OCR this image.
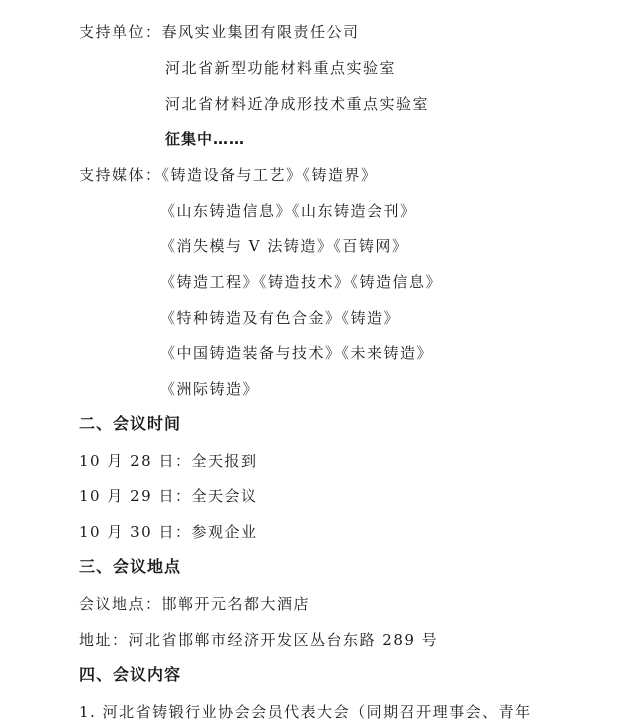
支持单位：春风实业集团有限责任公司
河北省新型功能材料重点实验室
河北省材料近净成形技术重点实验室
征集中……
支持媒体：《铸造设备与工艺》《铸造界》
《山东铸造信息》《山东铸造会刊》
《消失模与 V 法铸造》《百铸网》
《铸造工程》《铸造技术》《铸造信息》
《特种铸造及有色合金》《铸造》
《中国铸造装备与技术》《未来铸造》
《洲际铸造》
二、会议时间
10 月 28 日：全天报到
10 月 29 日：全天会议
10 月 30 日：参观企业
三、会议地点
会议地点：邯郸开元名都大酒店
地址：河北省邯郸市经济开发区丛台东路 289 号
四、会议内容
1. 河北省铸锻行业协会会员代表大会（同期召开理事会、青年
